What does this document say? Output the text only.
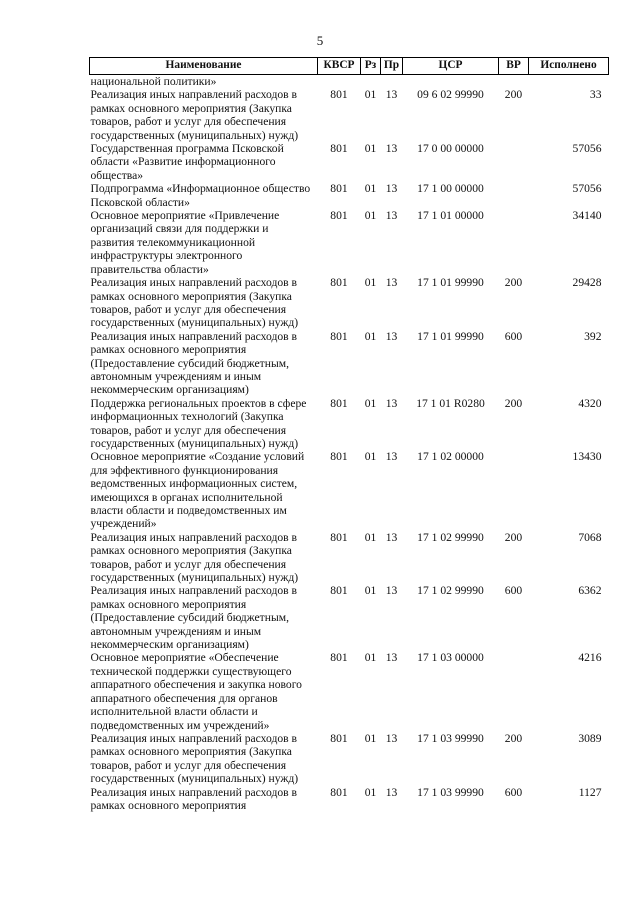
5
Наименование	КВСР	Рз	Пр	ЦСР	ВР	Исполнено
национальной политики»						
Реализация иных направлений расходов в рамках основного мероприятия (Закупка товаров, работ и услуг для обеспечения государственных (муниципальных) нужд)	801	01	13	09 6 02 99990	200	33
Государственная программа Псковской области «Развитие информационного общества»	801	01	13	17 0 00 00000		57056
Подпрограмма «Информационное общество Псковской области»	801	01	13	17 1 00 00000		57056
Основное мероприятие «Привлечение организаций связи для поддержки и развития телекоммуникационной инфраструктуры электронного правительства области»	801	01	13	17 1 01 00000		34140
Реализация иных направлений расходов в рамках основного мероприятия (Закупка товаров, работ и услуг для обеспечения государственных (муниципальных) нужд)	801	01	13	17 1 01 99990	200	29428
Реализация иных направлений расходов в рамках основного мероприятия (Предоставление субсидий бюджетным, автономным учреждениям и иным некоммерческим организациям)	801	01	13	17 1 01 99990	600	392
Поддержка региональных проектов в сфере информационных технологий (Закупка товаров, работ и услуг для обеспечения государственных (муниципальных) нужд)	801	01	13	17 1 01 R0280	200	4320
Основное мероприятие «Создание условий для эффективного функционирования ведомственных информационных систем, имеющихся в органах исполнительной власти области и подведомственных им учреждений»	801	01	13	17 1 02 00000		13430
Реализация иных направлений расходов в рамках основного мероприятия (Закупка товаров, работ и услуг для обеспечения государственных (муниципальных) нужд)	801	01	13	17 1 02 99990	200	7068
Реализация иных направлений расходов в рамках основного мероприятия (Предоставление субсидий бюджетным, автономным учреждениям и иным некоммерческим организациям)	801	01	13	17 1 02 99990	600	6362
Основное мероприятие «Обеспечение технической поддержки существующего аппаратного обеспечения и закупка нового аппаратного обеспечения для органов исполнительной власти области и подведомственных им учреждений»	801	01	13	17 1 03 00000		4216
Реализация иных направлений расходов в рамках основного мероприятия (Закупка товаров, работ и услуг для обеспечения государственных (муниципальных) нужд)	801	01	13	17 1 03 99990	200	3089
Реализация иных направлений расходов в рамках основного мероприятия	801	01	13	17 1 03 99990	600	1127
